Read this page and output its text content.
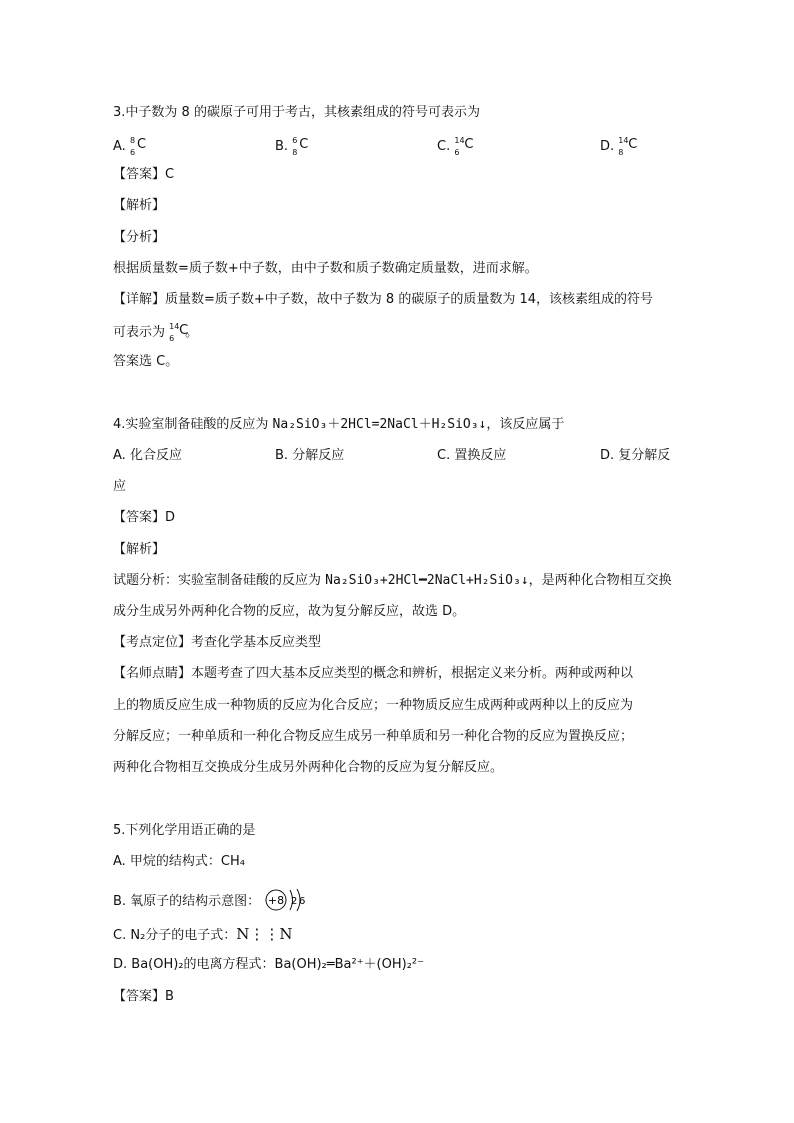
3.中子数为 8 的碳原子可用于考古，其核素组成的符号可表示为
A. 8
6
C	B. 6
8
C	C. 14
6
C	D. 14
8
C
【答案】C
【解析】
【分析】
根据质量数=质子数+中子数，由中子数和质子数确定质量数，进而求解。
【详解】质量数=质子数+中子数，故中子数为 8 的碳原子的质量数为 14，该核素组成的符号
可表示为 14
6
C
。
答案选 C。
4.实验室制备硅酸的反应为 Na₂SiO₃＋2HCl=2NaCl＋H₂SiO₃↓，该反应属于
A. 化合反应	B. 分解反应	C. 置换反应	D. 复分解反
应
【答案】D
【解析】
试题分析：实验室制备硅酸的反应为 Na₂SiO₃+2HCl━2NaCl+H₂SiO₃↓，是两种化合物相互交换
成分生成另外两种化合物的反应，故为复分解反应，故选 D。
【考点定位】考查化学基本反应类型
【名师点睛】本题考查了四大基本反应类型的概念和辨析，根据定义来分析。两种或两种以
上的物质反应生成一种物质的反应为化合反应；一种物质反应生成两种或两种以上的反应为
分解反应；一种单质和一种化合物反应生成另一种单质和另一种化合物的反应为置换反应；
两种化合物相互交换成分生成另外两种化合物的反应为复分解反应。
5.下列化学用语正确的是
A. 甲烷的结构式：CH₄
B. 氧原子的结构示意图： +8 2 6
C. N₂分子的电子式：N⋮⋮N
D. Ba(OH)₂的电离方程式：Ba(OH)₂═Ba²⁺＋(OH)₂²⁻
【答案】B
